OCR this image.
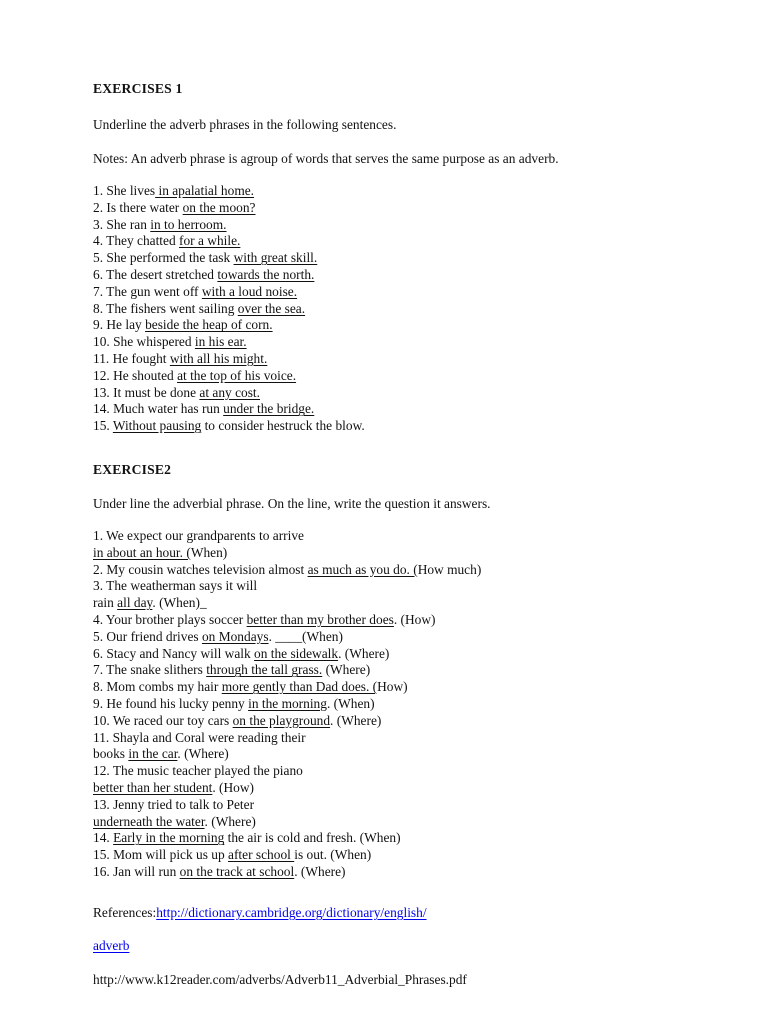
EXERCISES 1
Underline the adverb phrases in the following sentences.
Notes: An adverb phrase is agroup of words that serves the same purpose as an adverb.
1. She lives in apalatial home.
2. Is there water on the moon?
3. She ran in to herroom.
4. They chatted for a while.
5. She performed the task with great skill.
6. The desert stretched towards the north.
7. The gun went off with a loud noise.
8. The fishers went sailing over the sea.
9. He lay beside the heap of corn.
10. She whispered in his ear.
11. He fought with all his might.
12. He shouted at the top of his voice.
13. It must be done at any cost.
14. Much water has run under the bridge.
15. Without pausing to consider hestruck the blow.
EXERCISE2
Under line the adverbial phrase. On the line, write the question it answers.
1. We expect our grandparents to arrive
in about an hour. (When)
2. My cousin watches television almost as much as you do. (How much)
3. The weatherman says it will
rain all day. (When)_
4. Your brother plays soccer better than my brother does. (How)
5. Our friend drives on Mondays. ____(When)
6. Stacy and Nancy will walk on the sidewalk. (Where)
7. The snake slithers through the tall grass. (Where)
8. Mom combs my hair more gently than Dad does. (How)
9. He found his lucky penny in the morning. (When)
10. We raced our toy cars on the playground. (Where)
11. Shayla and Coral were reading their
books in the car. (Where)
12. The music teacher played the piano
better than her student. (How)
13. Jenny tried to talk to Peter
underneath the water. (Where)
14. Early in the morning the air is cold and fresh. (When)
15. Mom will pick us up after school is out. (When)
16. Jan will run on the track at school. (Where)
References:http://dictionary.cambridge.org/dictionary/english/
adverb
http://www.k12reader.com/adverbs/Adverb11_Adverbial_Phrases.pdf
